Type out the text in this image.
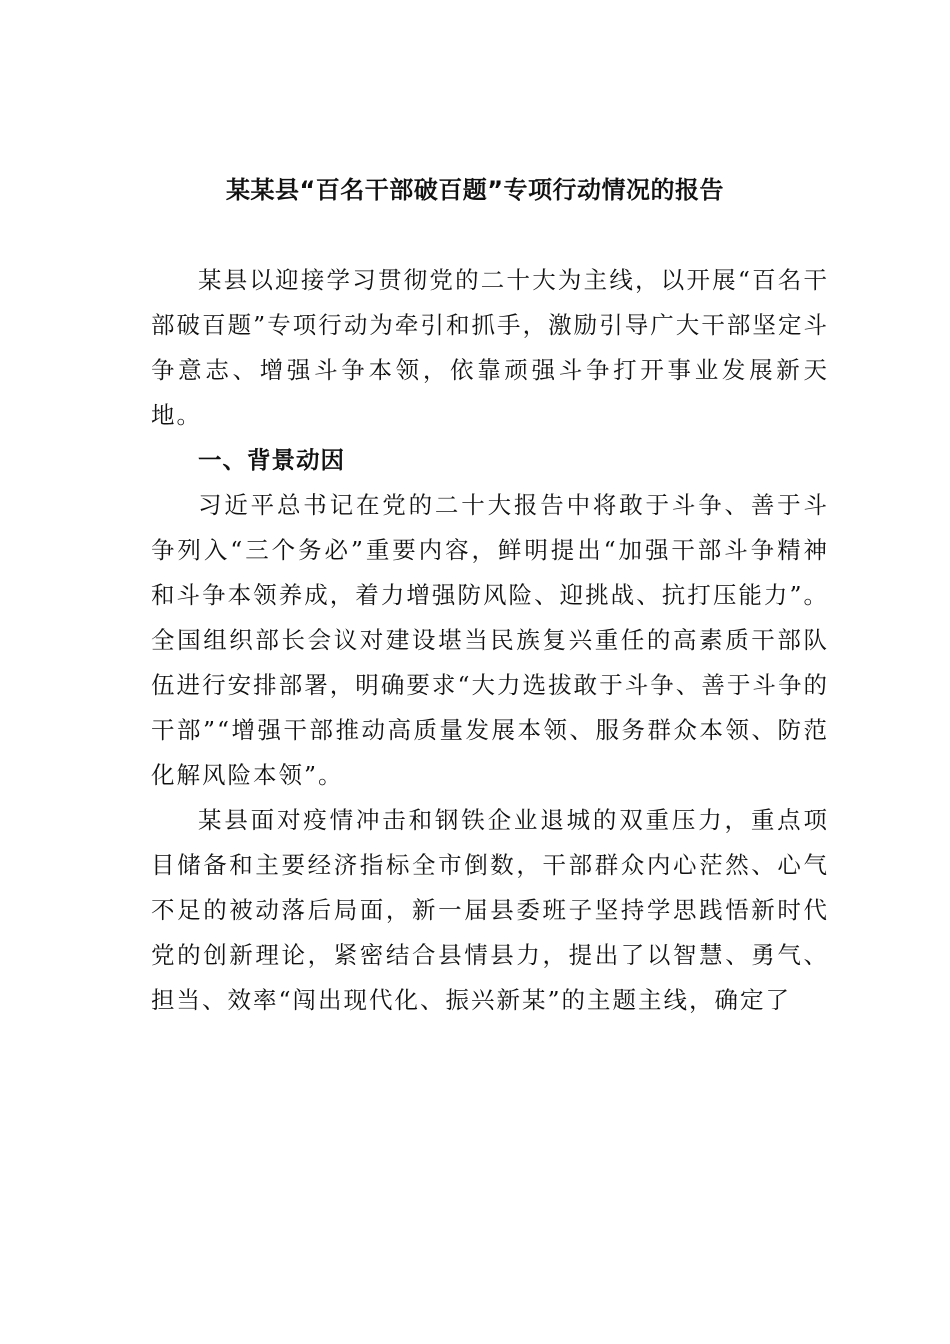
某某县“百名干部破百题”专项行动情况的报告

某县以迎接学习贯彻党的二十大为主线，以开展“百名干部破百题”专项行动为牵引和抓手，激励引导广大干部坚定斗争意志、增强斗争本领，依靠顽强斗争打开事业发展新天地。

一、背景动因

习近平总书记在党的二十大报告中将敢于斗争、善于斗争列入“三个务必”重要内容，鲜明提出“加强干部斗争精神和斗争本领养成，着力增强防风险、迎挑战、抗打压能力”。全国组织部长会议对建设堪当民族复兴重任的高素质干部队伍进行安排部署，明确要求“大力选拔敢于斗争、善于斗争的干部”“增强干部推动高质量发展本领、服务群众本领、防范化解风险本领”。

某县面对疫情冲击和钢铁企业退城的双重压力，重点项目储备和主要经济指标全市倒数，干部群众内心茫然、心气不足的被动落后局面，新一届县委班子坚持学思践悟新时代党的创新理论，紧密结合县情县力，提出了以智慧、勇气、担当、效率“闯出现代化、振兴新某”的主题主线，确定了
